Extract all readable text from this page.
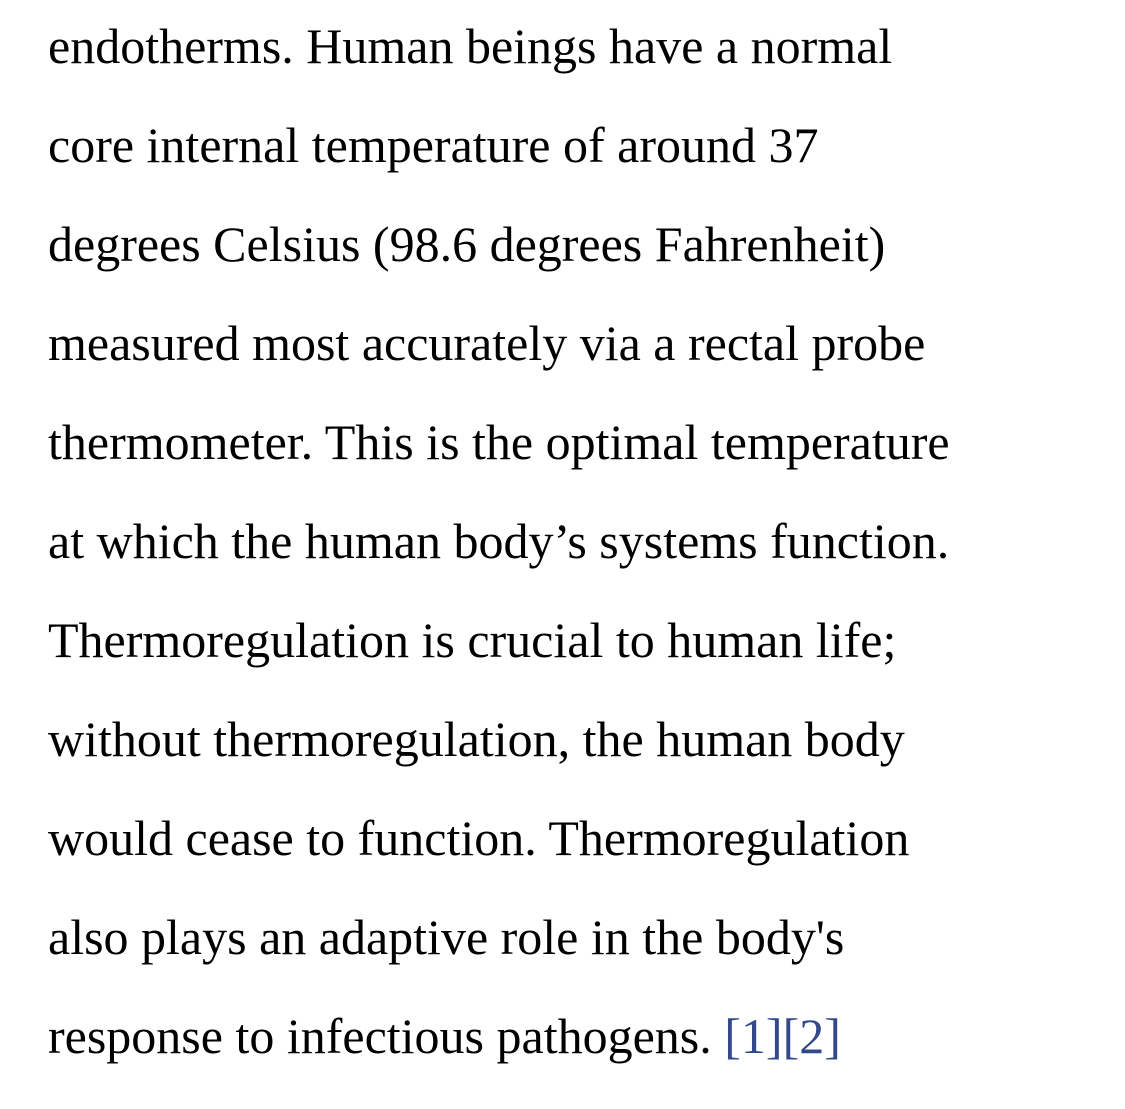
endotherms. Human beings have a normal
core internal temperature of around 37
degrees Celsius (98.6 degrees Fahrenheit)
measured most accurately via a rectal probe
thermometer. This is the optimal temperature
at which the human body’s systems function.
Thermoregulation is crucial to human life;
without thermoregulation, the human body
would cease to function. Thermoregulation
also plays an adaptive role in the body's
response to infectious pathogens. [1][2]
